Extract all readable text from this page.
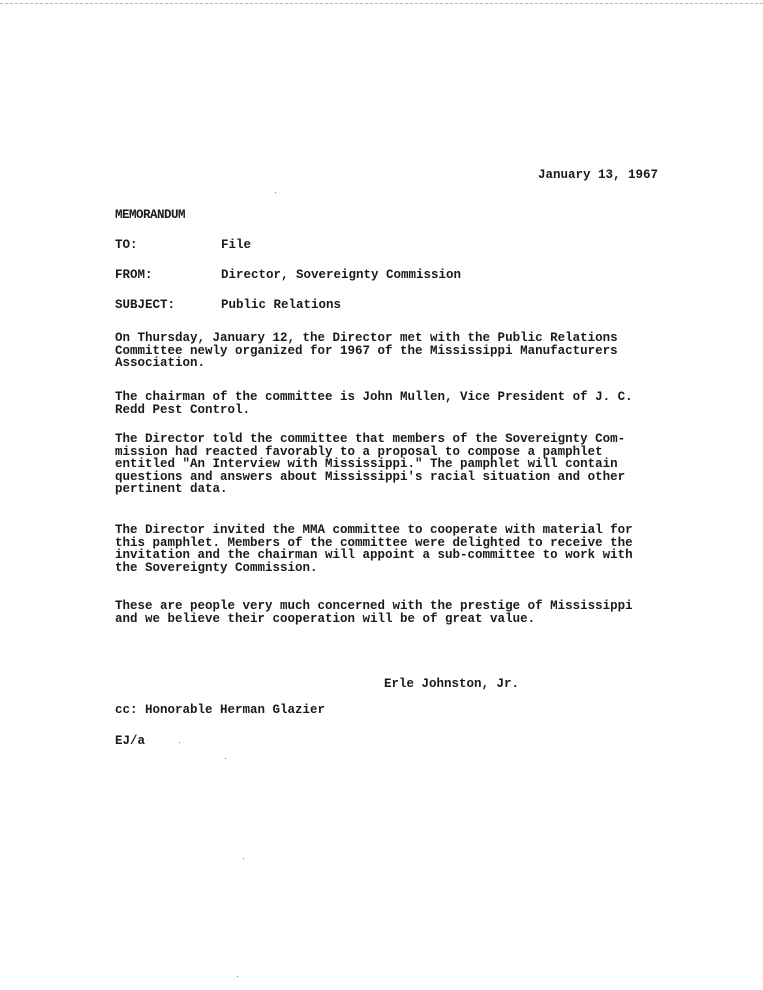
January 13, 1967
MEMORANDUM
TO:	File
FROM:	Director, Sovereignty Commission
SUBJECT:	Public Relations

On Thursday, January 12, the Director met with the Public Relations
Committee newly organized for 1967 of the Mississippi Manufacturers
Association.

The chairman of the committee is John Mullen, Vice President of J. C.
Redd Pest Control.

The Director told the committee that members of the Sovereignty Com-
mission had reacted favorably to a proposal to compose a pamphlet
entitled "An Interview with Mississippi." The pamphlet will contain
questions and answers about Mississippi's racial situation and other
pertinent data.

The Director invited the MMA committee to cooperate with material for
this pamphlet. Members of the committee were delighted to receive the
invitation and the chairman will appoint a sub-committee to work with
the Sovereignty Commission.

These are people very much concerned with the prestige of Mississippi
and we believe their cooperation will be of great value.

Erle Johnston, Jr.
cc: Honorable Herman Glazier
EJ/a
